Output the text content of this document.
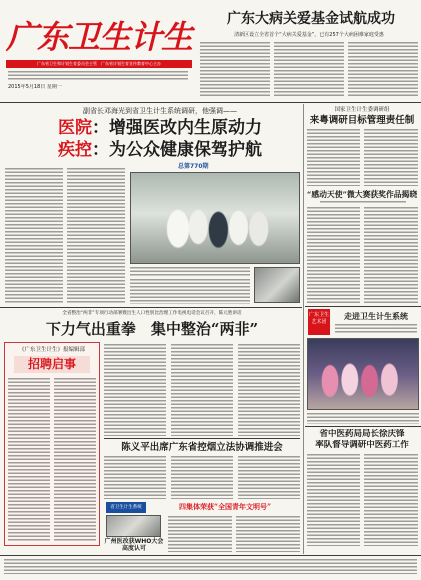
广东卫生计生
广东省卫生和计划生育委员会主管　广东省计划生育宣传教育中心主办
2015年5月18日 星期一
广东大病关爱基金试航成功
清新区设立全省首个“大病关爱基金”，已有257个大病困难家庭受惠
副省长邓海光到省卫生计生系统调研，他强调——
医院：增强医改内生原动力
疾控：为公众健康保驾护航
总第770期
全省整治“两非”专项行动部署暨出生人口性别比治理工作电视电话会议召开，陈元胜讲话
下力气出重拳　集中整治“两非”
《广东卫生计生》报编辑部
招聘启事
陈义平出席广东省控烟立法协调推进会
省卫生计生系统	四集体荣获“全国青年文明号”
广州医改获WHO大会高度认可
国家卫生计生委调研组
来粤调研目标管理责任制
“感动天使”微大赛获奖作品揭晓
广东卫生艺术团
走进卫生计生系统
省中医药局局长徐庆锋
率队督导调研中医药工作
